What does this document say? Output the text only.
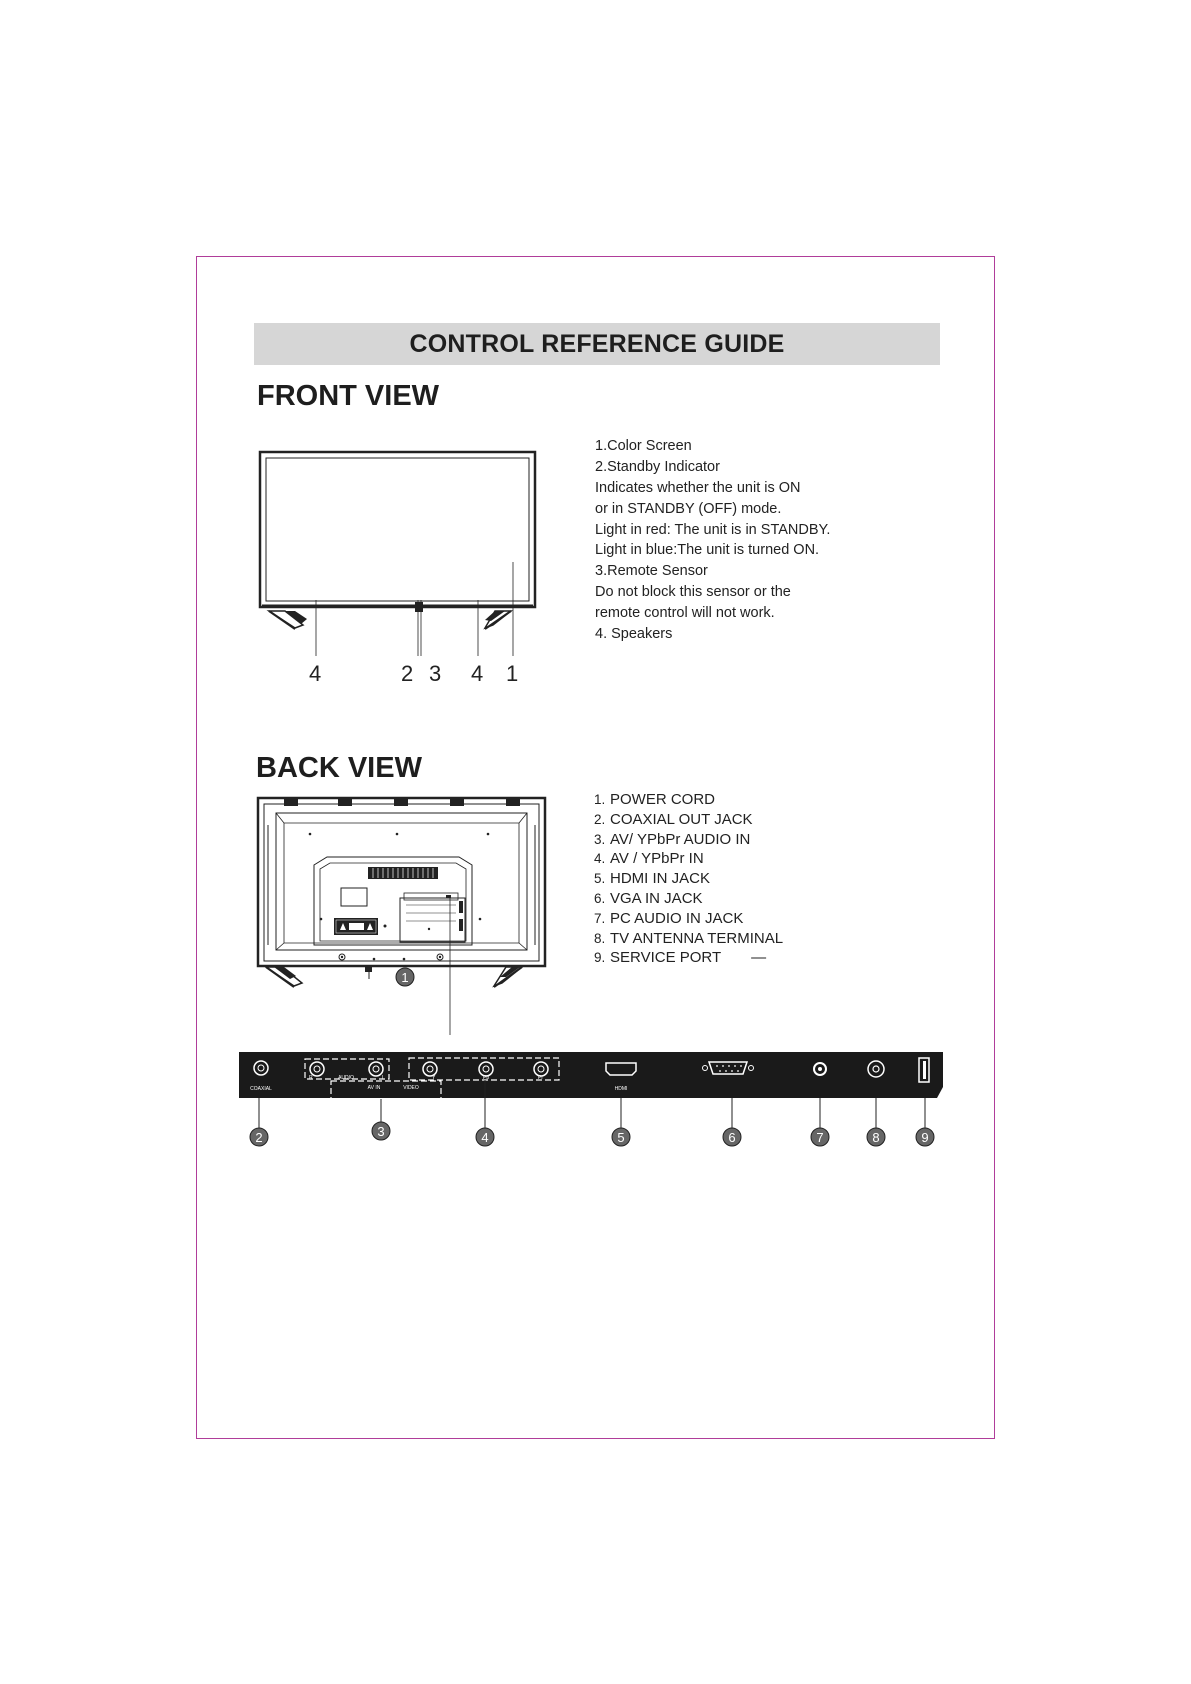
CONTROL REFERENCE GUIDE
FRONT VIEW
4	2 3 4 1
1.Color Screen
2.Standby Indicator
Indicates whether the unit is ON
or in STANDBY (OFF) mode.
Light in red: The unit is in STANDBY.
Light in blue:The unit is turned ON.
3.Remote Sensor
Do not block this sensor or the
remote control will not work.
4. Speakers
BACK VIEW
1
1. POWER CORD
2. COAXIAL OUT JACK
3. AV/ YPbPr AUDIO IN
4. AV / YPbPr IN
5. HDMI IN JACK
6. VGA IN JACK
7. PC AUDIO IN JACK
8. TV ANTENNA TERMINAL
9. SERVICE PORT —
COAXIAL
R	AUDIO	L
AV IN	VIDEO
Y	Pb	Pr
HDMI
2	3	4	5	6	7	8	9
